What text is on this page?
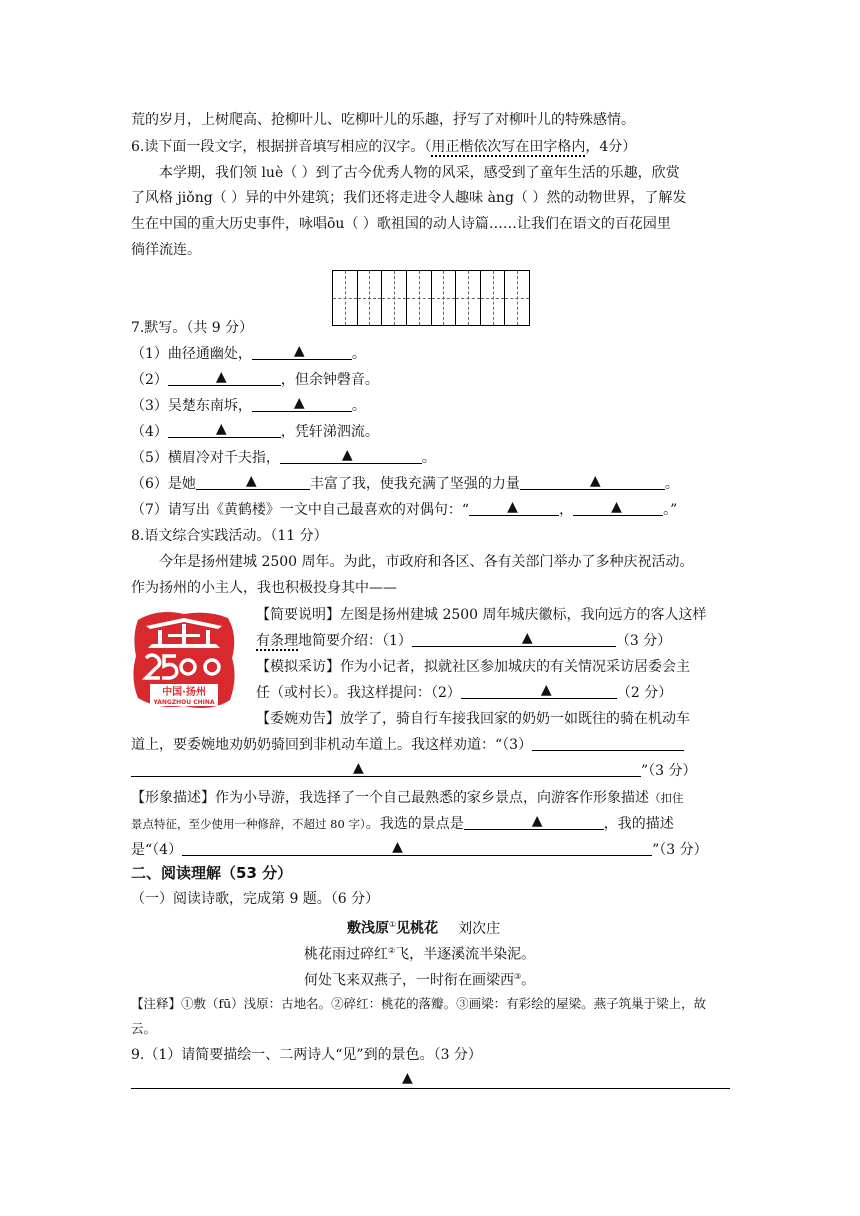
荒的岁月，上树爬高、抢柳叶儿、吃柳叶儿的乐趣，抒写了对柳叶儿的特殊感情。
6.读下面一段文字，根据拼音填写相应的汉字。（用正楷依次写在田字格内，4分）
本学期，我们领 luè（ ）到了古今优秀人物的风采，感受到了童年生活的乐趣，欣赏
了风格 jiǒng（ ）异的中外建筑；我们还将走进令人趣味 àng（ ）然的动物世界，了解发
生在中国的重大历史事件，咏唱ōu（ ）歌祖国的动人诗篇……让我们在语文的百花园里
徜徉流连。
7.默写。（共 9 分）
（1）曲径通幽处，	▲	。
（2）	▲	，但余钟磬音。
（3）吴楚东南坼，	▲	。
（4）	▲	，凭轩涕泗流。
（5）横眉冷对千夫指，	▲	。
（6）是她	▲	丰富了我，使我充满了坚强的力量	▲	。
（7）请写出《黄鹤楼》一文中自己最喜欢的对偶句：“	▲	，	▲	。”
8.语文综合实践活动。（11 分）
今年是扬州建城 2500 周年。为此，市政府和各区、各有关部门举办了多种庆祝活动。
作为扬州的小主人，我也积极投身其中——
中国·扬州
YANGZHOU CHINA
【简要说明】左图是扬州建城 2500 周年城庆徽标，我向远方的客人这样
有条理地简要介绍：（1）	▲	（3 分）
【模拟采访】作为小记者，拟就社区参加城庆的有关情况采访居委会主
任（或村长）。我这样提问：（2）	▲	（2 分）
【委婉劝告】放学了，骑自行车接我回家的奶奶一如既往的骑在机动车
道上，要委婉地劝奶奶骑回到非机动车道上。我这样劝道：“（3）
▲	”（3 分）
【形象描述】作为小导游，我选择了一个自己最熟悉的家乡景点，向游客作形象描述（扣住
景点特征，至少使用一种修辞，不超过 80 字）。我选的景点是	▲	，我的描述
是“（4）	▲	”（3 分）
二、阅读理解（53 分）
（一）阅读诗歌，完成第 9 题。（6 分）
敷浅原①见桃花 刘次庄
桃花雨过碎红②飞，半逐溪流半染泥。
何处飞来双燕子，一时衔在画梁西③。
【注释】①敷（fū）浅原：古地名。②碎红：桃花的落瓣。③画梁：有彩绘的屋梁。燕子筑巢于梁上，故
云。
9.（1）请简要描绘一、二两诗人“见”到的景色。（3 分）
▲
